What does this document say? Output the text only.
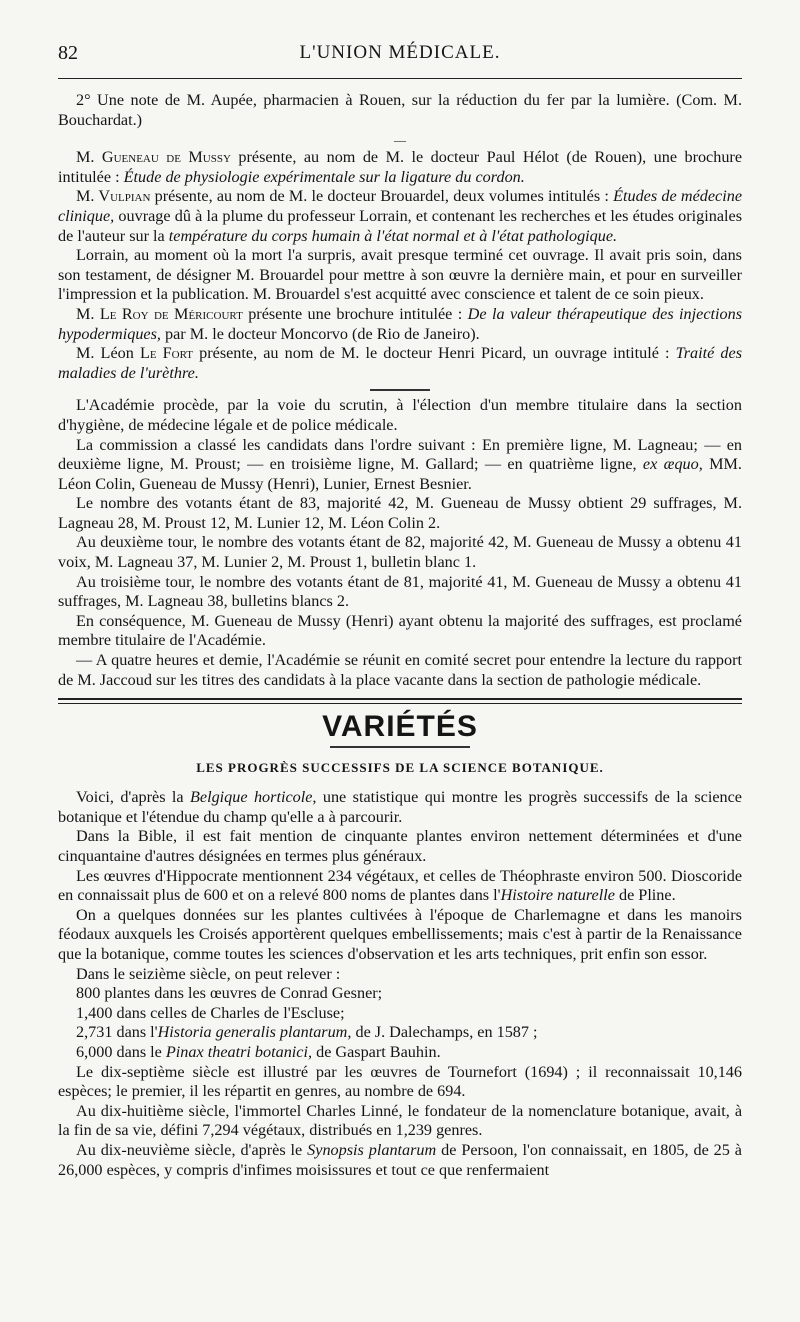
82	L'UNION MÉDICALE.

2° Une note de M. Aupée, pharmacien à Rouen, sur la réduction du fer par la lumière. (Com. M. Bouchardat.)

—

M. Gueneau de Mussy présente, au nom de M. le docteur Paul Hélot (de Rouen), une brochure intitulée : Étude de physiologie expérimentale sur la ligature du cordon.

M. Vulpian présente, au nom de M. le docteur Brouardel, deux volumes intitulés : Études de médecine clinique, ouvrage dû à la plume du professeur Lorrain, et contenant les recherches et les études originales de l'auteur sur la température du corps humain à l'état normal et à l'état pathologique.

Lorrain, au moment où la mort l'a surpris, avait presque terminé cet ouvrage. Il avait pris soin, dans son testament, de désigner M. Brouardel pour mettre à son œuvre la dernière main, et pour en surveiller l'impression et la publication. M. Brouardel s'est acquitté avec conscience et talent de ce soin pieux.

M. Le Roy de Méricourt présente une brochure intitulée : De la valeur thérapeutique des injections hypodermiques, par M. le docteur Moncorvo (de Rio de Janeiro).

M. Léon Le Fort présente, au nom de M. le docteur Henri Picard, un ouvrage intitulé : Traité des maladies de l'urèthre.

L'Académie procède, par la voie du scrutin, à l'élection d'un membre titulaire dans la section d'hygiène, de médecine légale et de police médicale.

La commission a classé les candidats dans l'ordre suivant : En première ligne, M. Lagneau; — en deuxième ligne, M. Proust; — en troisième ligne, M. Gallard; — en quatrième ligne, ex æquo, MM. Léon Colin, Gueneau de Mussy (Henri), Lunier, Ernest Besnier.

Le nombre des votants étant de 83, majorité 42, M. Gueneau de Mussy obtient 29 suffrages, M. Lagneau 28, M. Proust 12, M. Lunier 12, M. Léon Colin 2.

Au deuxième tour, le nombre des votants étant de 82, majorité 42, M. Gueneau de Mussy a obtenu 41 voix, M. Lagneau 37, M. Lunier 2, M. Proust 1, bulletin blanc 1.

Au troisième tour, le nombre des votants étant de 81, majorité 41, M. Gueneau de Mussy a obtenu 41 suffrages, M. Lagneau 38, bulletins blancs 2.

En conséquence, M. Gueneau de Mussy (Henri) ayant obtenu la majorité des suffrages, est proclamé membre titulaire de l'Académie.

— A quatre heures et demie, l'Académie se réunit en comité secret pour entendre la lecture du rapport de M. Jaccoud sur les titres des candidats à la place vacante dans la section de pathologie médicale.

VARIÉTÉS
LES PROGRÈS SUCCESSIFS DE LA SCIENCE BOTANIQUE.

Voici, d'après la Belgique horticole, une statistique qui montre les progrès successifs de la science botanique et l'étendue du champ qu'elle a à parcourir.

Dans la Bible, il est fait mention de cinquante plantes environ nettement déterminées et d'une cinquantaine d'autres désignées en termes plus généraux.

Les œuvres d'Hippocrate mentionnent 234 végétaux, et celles de Théophraste environ 500. Dioscoride en connaissait plus de 600 et on a relevé 800 noms de plantes dans l'Histoire naturelle de Pline.

On a quelques données sur les plantes cultivées à l'époque de Charlemagne et dans les manoirs féodaux auxquels les Croisés apportèrent quelques embellissements; mais c'est à partir de la Renaissance que la botanique, comme toutes les sciences d'observation et les arts techniques, prit enfin son essor.

Dans le seizième siècle, on peut relever :

800 plantes dans les œuvres de Conrad Gesner;

1,400 dans celles de Charles de l'Escluse;

2,731 dans l'Historia generalis plantarum, de J. Dalechamps, en 1587 ;

6,000 dans le Pinax theatri botanici, de Gaspart Bauhin.

Le dix-septième siècle est illustré par les œuvres de Tournefort (1694) ; il reconnaissait 10,146 espèces; le premier, il les répartit en genres, au nombre de 694.

Au dix-huitième siècle, l'immortel Charles Linné, le fondateur de la nomenclature botanique, avait, à la fin de sa vie, défini 7,294 végétaux, distribués en 1,239 genres.

Au dix-neuvième siècle, d'après le Synopsis plantarum de Persoon, l'on connaissait, en 1805, de 25 à 26,000 espèces, y compris d'infimes moisissures et tout ce que renfermaient
